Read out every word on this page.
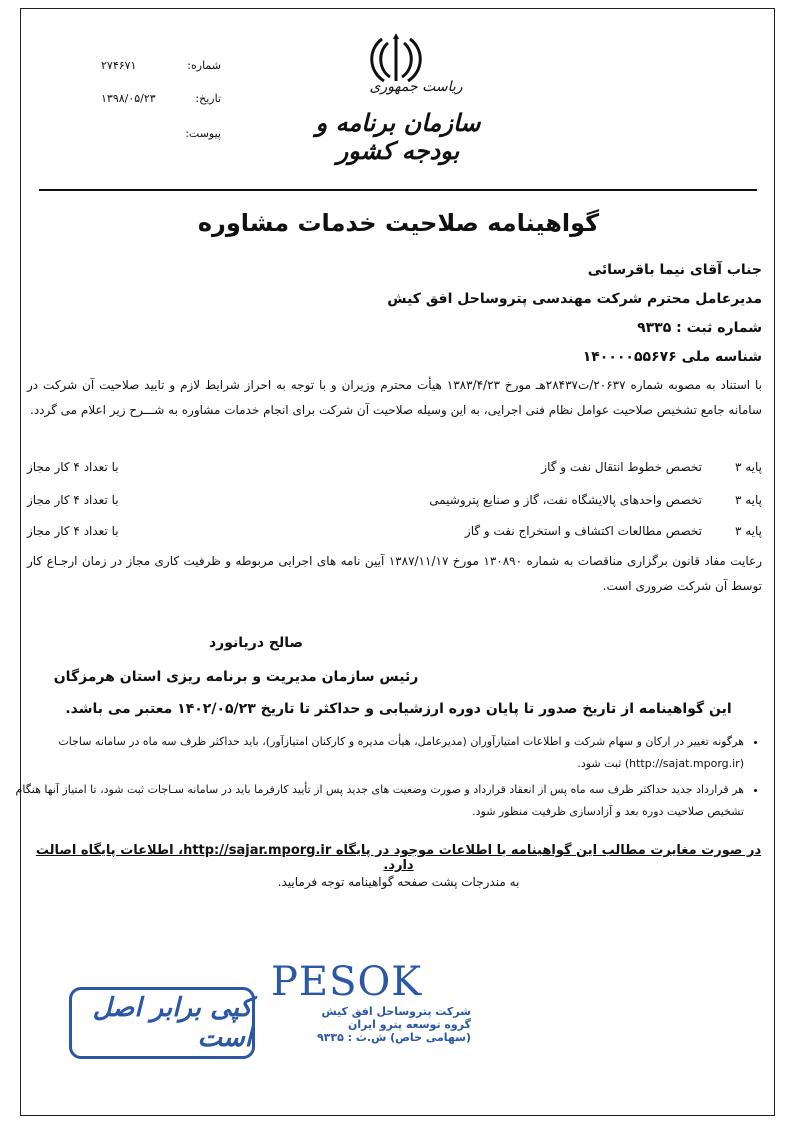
شماره:
۲۷۴۶۷۱
تاریخ:
۱۳۹۸/۰۵/۲۳
پیوست:
ریاست جمهوری
سازمان برنامه و بودجه کشور
گواهینامه صلاحیت خدمات مشاوره
جناب آقای نیما باقرسائی
مدیرعامل محترم شرکت مهندسی پتروساحل افق کیش
شماره ثبت : ۹۳۳۵
شناسه ملی ۱۴۰۰۰۰۵۵۶۷۶
با استناد به مصوبه شماره ۲۰۶۳۷/ت۲۸۴۳۷هـ مورخ ۱۳۸۳/۴/۲۳ هیأت محترم وزیران و با توجه به احراز شرایط لازم و تایید صلاحیت آن شرکت در سامانه جامع تشخیص صلاحیت عوامل نظام فنی اجرایی، به این وسیله صلاحیت آن شرکت برای انجام خدمات مشاوره به شـــرح زیر اعلام می گردد.
پایه ۳
تخصص خطوط انتقال نفت و گاز
با تعداد ۴ کار مجاز
پایه ۳
تخصص واحدهای پالایشگاه نفت، گاز و صنایع پتروشیمی
با تعداد ۴ کار مجاز
پایه ۳
تخصص مطالعات اکتشاف و استخراج نفت و گاز
با تعداد ۴ کار مجاز
رعایت مفاد قانون برگزاری مناقصات به شماره ۱۳۰۸۹۰ مورخ ۱۳۸۷/۱۱/۱۷ آیین نامه های اجرایی مربوطه و ظرفیت کاری مجاز در زمان ارجـاع کار توسط آن شرکت ضروری است.
صالح دریانورد
رئیس سازمان مدیریت و برنامه ریزی استان هرمزگان
این گواهینامه از تاریخ صدور تا پایان دوره ارزشیابی و حداکثر تا تاریخ ۱۴۰۲/۰۵/۲۳ معتبر می باشد.
• هرگونه تغییر در ارکان و سهام شرکت و اطلاعات امتیازآوران (مدیرعامل، هیأت مدیره و کارکنان امتیازآور)، باید حداکثر ظرف سه ماه در سامانه ساجات (http://sajat.mporg.ir) ثبت شود.
• هر قرارداد جدید حداکثر ظرف سه ماه پس از انعقاد قرارداد و صورت وضعیت های جدید پس از تأیید کارفرما باید در سامانه سـاجات ثبت شود، تا امتیاز آنها هنگام تشخیص صلاحیت دوره بعد و آزادسازی ظرفیت منظور شود.
در صورت مغایرت مطالب این گواهینامه با اطلاعات موجود در پایگاه http://sajar.mporg.ir، اطلاعات پایگاه اصالت دارد.
به مندرجات پشت صفحه گواهینامه توجه فرمایید.
کپی برابر اصل است
PESOK
شرکت پتروساحل افق کیش
گروه توسعه پترو ایران
(سهامی خاص) ش.ث : ۹۳۳۵
